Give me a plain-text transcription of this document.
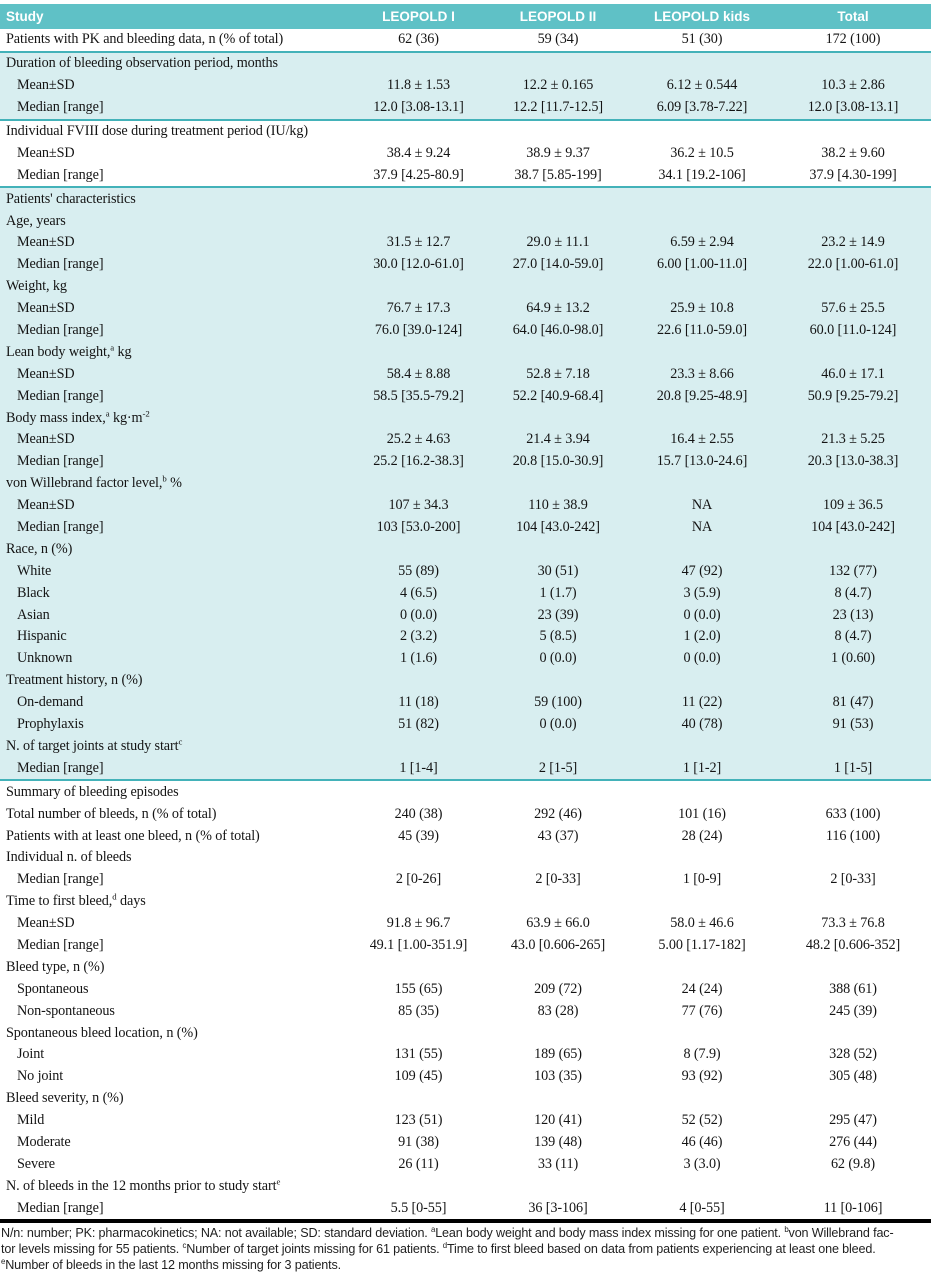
Study	LEOPOLD I	LEOPOLD II	LEOPOLD kids	Total
Patients with PK and bleeding data, n (% of total)	62 (36)	59 (34)	51 (30)	172 (100)
Duration of bleeding observation period, months				
Mean±SD	11.8 ± 1.53	12.2 ± 0.165	6.12 ± 0.544	10.3 ± 2.86
Median [range]	12.0 [3.08-13.1]	12.2 [11.7-12.5]	6.09 [3.78-7.22]	12.0 [3.08-13.1]
Individual FVIII dose during treatment period (IU/kg)				
Mean±SD	38.4 ± 9.24	38.9 ± 9.37	36.2 ± 10.5	38.2 ± 9.60
Median [range]	37.9 [4.25-80.9]	38.7 [5.85-199]	34.1 [19.2-106]	37.9 [4.30-199]
Patients' characteristics				
Age, years				
Mean±SD	31.5 ± 12.7	29.0 ± 11.1	6.59 ± 2.94	23.2 ± 14.9
Median [range]	30.0 [12.0-61.0]	27.0 [14.0-59.0]	6.00 [1.00-11.0]	22.0 [1.00-61.0]
Weight, kg				
Mean±SD	76.7 ± 17.3	64.9 ± 13.2	25.9 ± 10.8	57.6 ± 25.5
Median [range]	76.0 [39.0-124]	64.0 [46.0-98.0]	22.6 [11.0-59.0]	60.0 [11.0-124]
Lean body weight,$^a$ kg				
Mean±SD	58.4 ± 8.88	52.8 ± 7.18	23.3 ± 8.66	46.0 ± 17.1
Median [range]	58.5 [35.5-79.2]	52.2 [40.9-68.4]	20.8 [9.25-48.9]	50.9 [9.25-79.2]
Body mass index,$^a$ $kg\cdot m^{-2}$
Mean±SD	25.2 ± 4.63	21.4 ± 3.94	16.4 ± 2.55	21.3 ± 5.25
Median [range]	25.2 [16.2-38.3]	20.8 [15.0-30.9]	15.7 [13.0-24.6]	20.3 [13.0-38.3]
von Willebrand factor level,$^b$ %				
Mean±SD	107 ± 34.3	110 ± 38.9	NA	109 ± 36.5
Median [range]	103 [53.0-200]	104 [43.0-242]	NA	104 [43.0-242]
Race, n (%)				
White	55 (89)	30 (51)	47 (92)	132 (77)
Black	4 (6.5)	1 (1.7)	3 (5.9)	8 (4.7)
Asian	0 (0.0)	23 (39)	0 (0.0)	23 (13)
Hispanic	2 (3.2)	5 (8.5)	1 (2.0)	8 (4.7)
Unknown	1 (1.6)	0 (0.0)	0 (0.0)	1 (0.60)
Treatment history, n (%)				
On-demand	11 (18)	59 (100)	11 (22)	81 (47)
Prophylaxis	51 (82)	0 (0.0)	40 (78)	91 (53)
N. of target joints at study start$^c$
Median [range]	1 [1-4]	2 [1-5]	1 [1-2]	1 [1-5]
Summary of bleeding episodes				
Total number of bleeds, n (% of total)	240 (38)	292 (46)	101 (16)	633 (100)
Patients with at least one bleed, n (% of total)	45 (39)	43 (37)	28 (24)	116 (100)
Individual n. of bleeds				
Median [range]	2 [0-26]	2 [0-33]	1 [0-9]	2 [0-33]
Time to first bleed,$^d$ days				
Mean±SD	91.8 ± 96.7	63.9 ± 66.0	58.0 ± 46.6	73.3 ± 76.8
Median [range]	49.1 [1.00-351.9]	43.0 [0.606-265]	5.00 [1.17-182]	48.2 [0.606-352]
Bleed type, n (%)				
Spontaneous	155 (65)	209 (72)	24 (24)	388 (61)
Non-spontaneous	85 (35)	83 (28)	77 (76)	245 (39)
Spontaneous bleed location, n (%)				
Joint	131 (55)	189 (65)	8 (7.9)	328 (52)
No joint	109 (45)	103 (35)	93 (92)	305 (48)
Bleed severity, n (%)				
Mild	123 (51)	120 (41)	52 (52)	295 (47)
Moderate	91 (38)	139 (48)	46 (46)	276 (44)
Severe	26 (11)	33 (11)	3 (3.0)	62 (9.8)
N. of bleeds in the 12 months prior to study start$^e$
Median [range]	5.5 [0-55]	36 [3-106]	4 [0-55]	11 [0-106]
N/n: number; PK: pharmacokinetics; NA: not available; SD: standard deviation. $^a$Lean body weight and body mass index missing for one patient. $^b$von Willebrand fac-
tor levels missing for 55 patients. $^c$Number of target joints missing for 61 patients. $^d$Time to first bleed based on data from patients experiencing at least one bleed.
$^e$Number of bleeds in the last 12 months missing for 3 patients.
